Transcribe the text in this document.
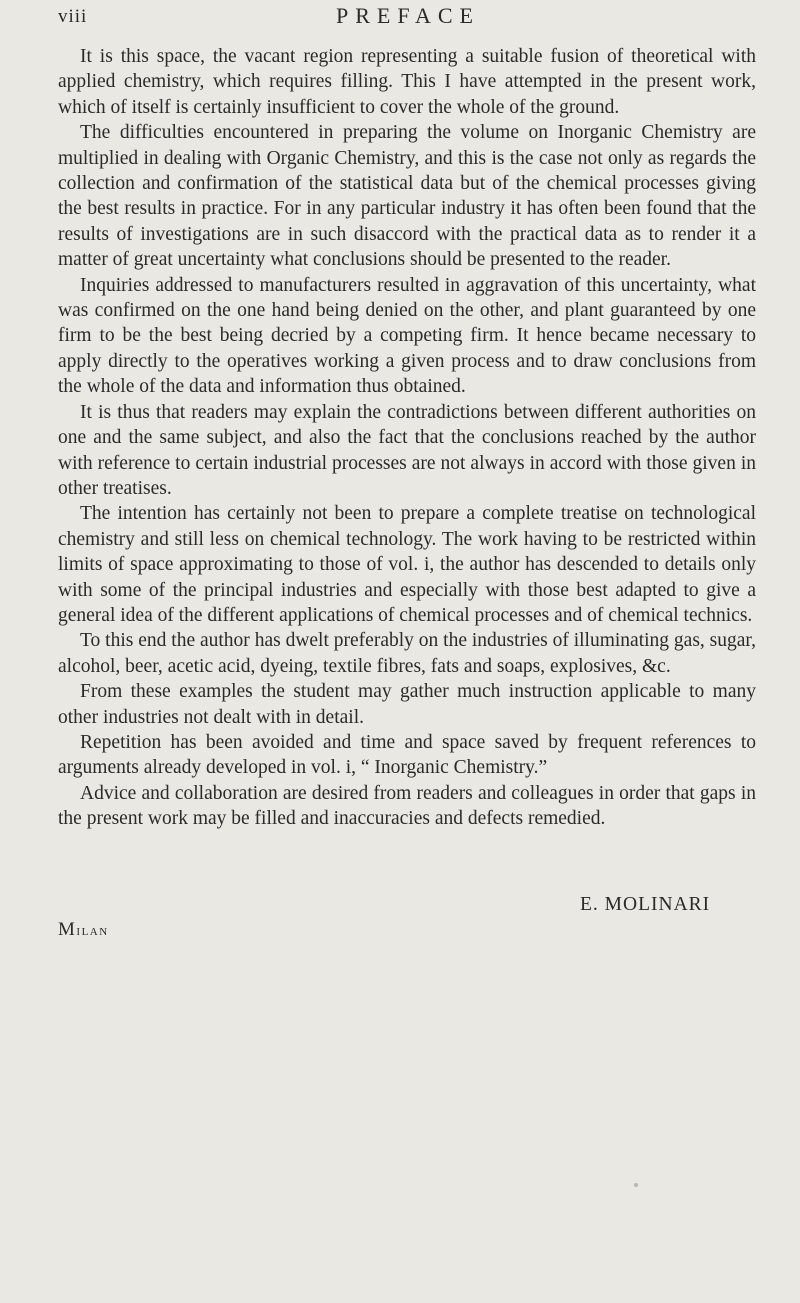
viii	PREFACE

It is this space, the vacant region representing a suitable fusion of theoretical with applied chemistry, which requires filling. This I have attempted in the present work, which of itself is certainly insufficient to cover the whole of the ground.

The difficulties encountered in preparing the volume on Inorganic Chemistry are multiplied in dealing with Organic Chemistry, and this is the case not only as regards the collection and confirmation of the statistical data but of the chemical processes giving the best results in practice. For in any particular industry it has often been found that the results of investigations are in such disaccord with the practical data as to render it a matter of great uncertainty what conclusions should be presented to the reader.

Inquiries addressed to manufacturers resulted in aggravation of this uncertainty, what was confirmed on the one hand being denied on the other, and plant guaranteed by one firm to be the best being decried by a competing firm. It hence became necessary to apply directly to the operatives working a given process and to draw conclusions from the whole of the data and information thus obtained.

It is thus that readers may explain the contradictions between different authorities on one and the same subject, and also the fact that the conclusions reached by the author with reference to certain industrial processes are not always in accord with those given in other treatises.

The intention has certainly not been to prepare a complete treatise on technological chemistry and still less on chemical technology. The work having to be restricted within limits of space approximating to those of vol. i, the author has descended to details only with some of the principal industries and especially with those best adapted to give a general idea of the different applications of chemical processes and of chemical technics.

To this end the author has dwelt preferably on the industries of illuminating gas, sugar, alcohol, beer, acetic acid, dyeing, textile fibres, fats and soaps, explosives, &c.

From these examples the student may gather much instruction applicable to many other industries not dealt with in detail.

Repetition has been avoided and time and space saved by frequent references to arguments already developed in vol. i, “ Inorganic Chemistry.”

Advice and collaboration are desired from readers and colleagues in order that gaps in the present work may be filled and inaccuracies and defects remedied.

E. MOLINARI
Milan
